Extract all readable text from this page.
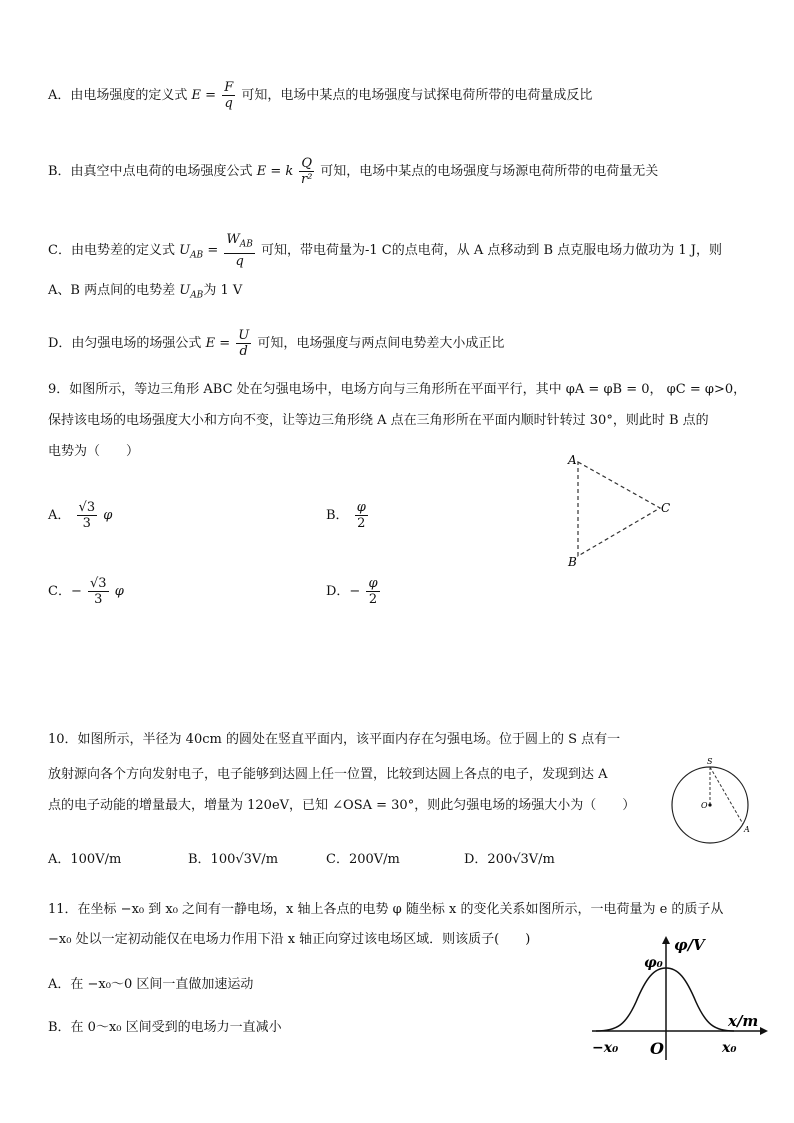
A．由电场强度的定义式 $E = \frac{F}{q}$ 可知，电场中某点的电场强度与试探电荷所带的电荷量成反比
B．由真空中点电荷的电场强度公式 E = k $\frac{Q}{\text{r²}}$ 可知，电场中某点的电场强度与场源电荷所带的电荷量无关
C．由电势差的定义式 $U_{AB} = \frac{W_{AB}}{q}$ 可知，带电荷量为-1 C的点电荷，从 A 点移动到 B 点克服电场力做功为 1 J，则
A、B 两点间的电势差 $U_{AB}$为 1 V
D．由匀强电场的场强公式 $E = \frac{U}{d}$ 可知，电场强度与两点间电势差大小成正比
9．如图所示，等边三角形 ABC 处在匀强电场中，电场方向与三角形所在平面平行，其中 φA = φB = 0， φC = φ>0，
保持该电场的电场强度大小和方向不变，让等边三角形绕 A 点在三角形所在平面内顺时针转过 30°，则此时 B 点的
电势为（　　）
A． $\frac{√3}{3}$ φ	B． $\frac{\varphi}{2}$
C．− $\frac{√3}{3}$ φ	D．− $\frac{\varphi}{2}$
A
C
B
10．如图所示，半径为 40cm 的圆处在竖直平面内，该平面内存在匀强电场。位于圆上的 S 点有一
放射源向各个方向发射电子，电子能够到达圆上任一位置，比较到达圆上各点的电子，发现到达 A
点的电子动能的增量最大，增量为 120eV，已知 ∠OSA = 30°，则此匀强电场的场强大小为（　　）
A．100V/m	B．100√3V/m	C．200V/m	D．200√3V/m
S
O
A
11．在坐标 −x₀ 到 x₀ 之间有一静电场，x 轴上各点的电势 φ 随坐标 x 的变化关系如图所示，一电荷量为 e 的质子从
−x₀ 处以一定初动能仅在电场力作用下沿 x 轴正向穿过该电场区域．则该质子(　　)
A．在 −x₀～0 区间一直做加速运动
B．在 0～x₀ 区间受到的电场力一直减小
φ/V
φ₀
x/m
−x₀ O	x₀
